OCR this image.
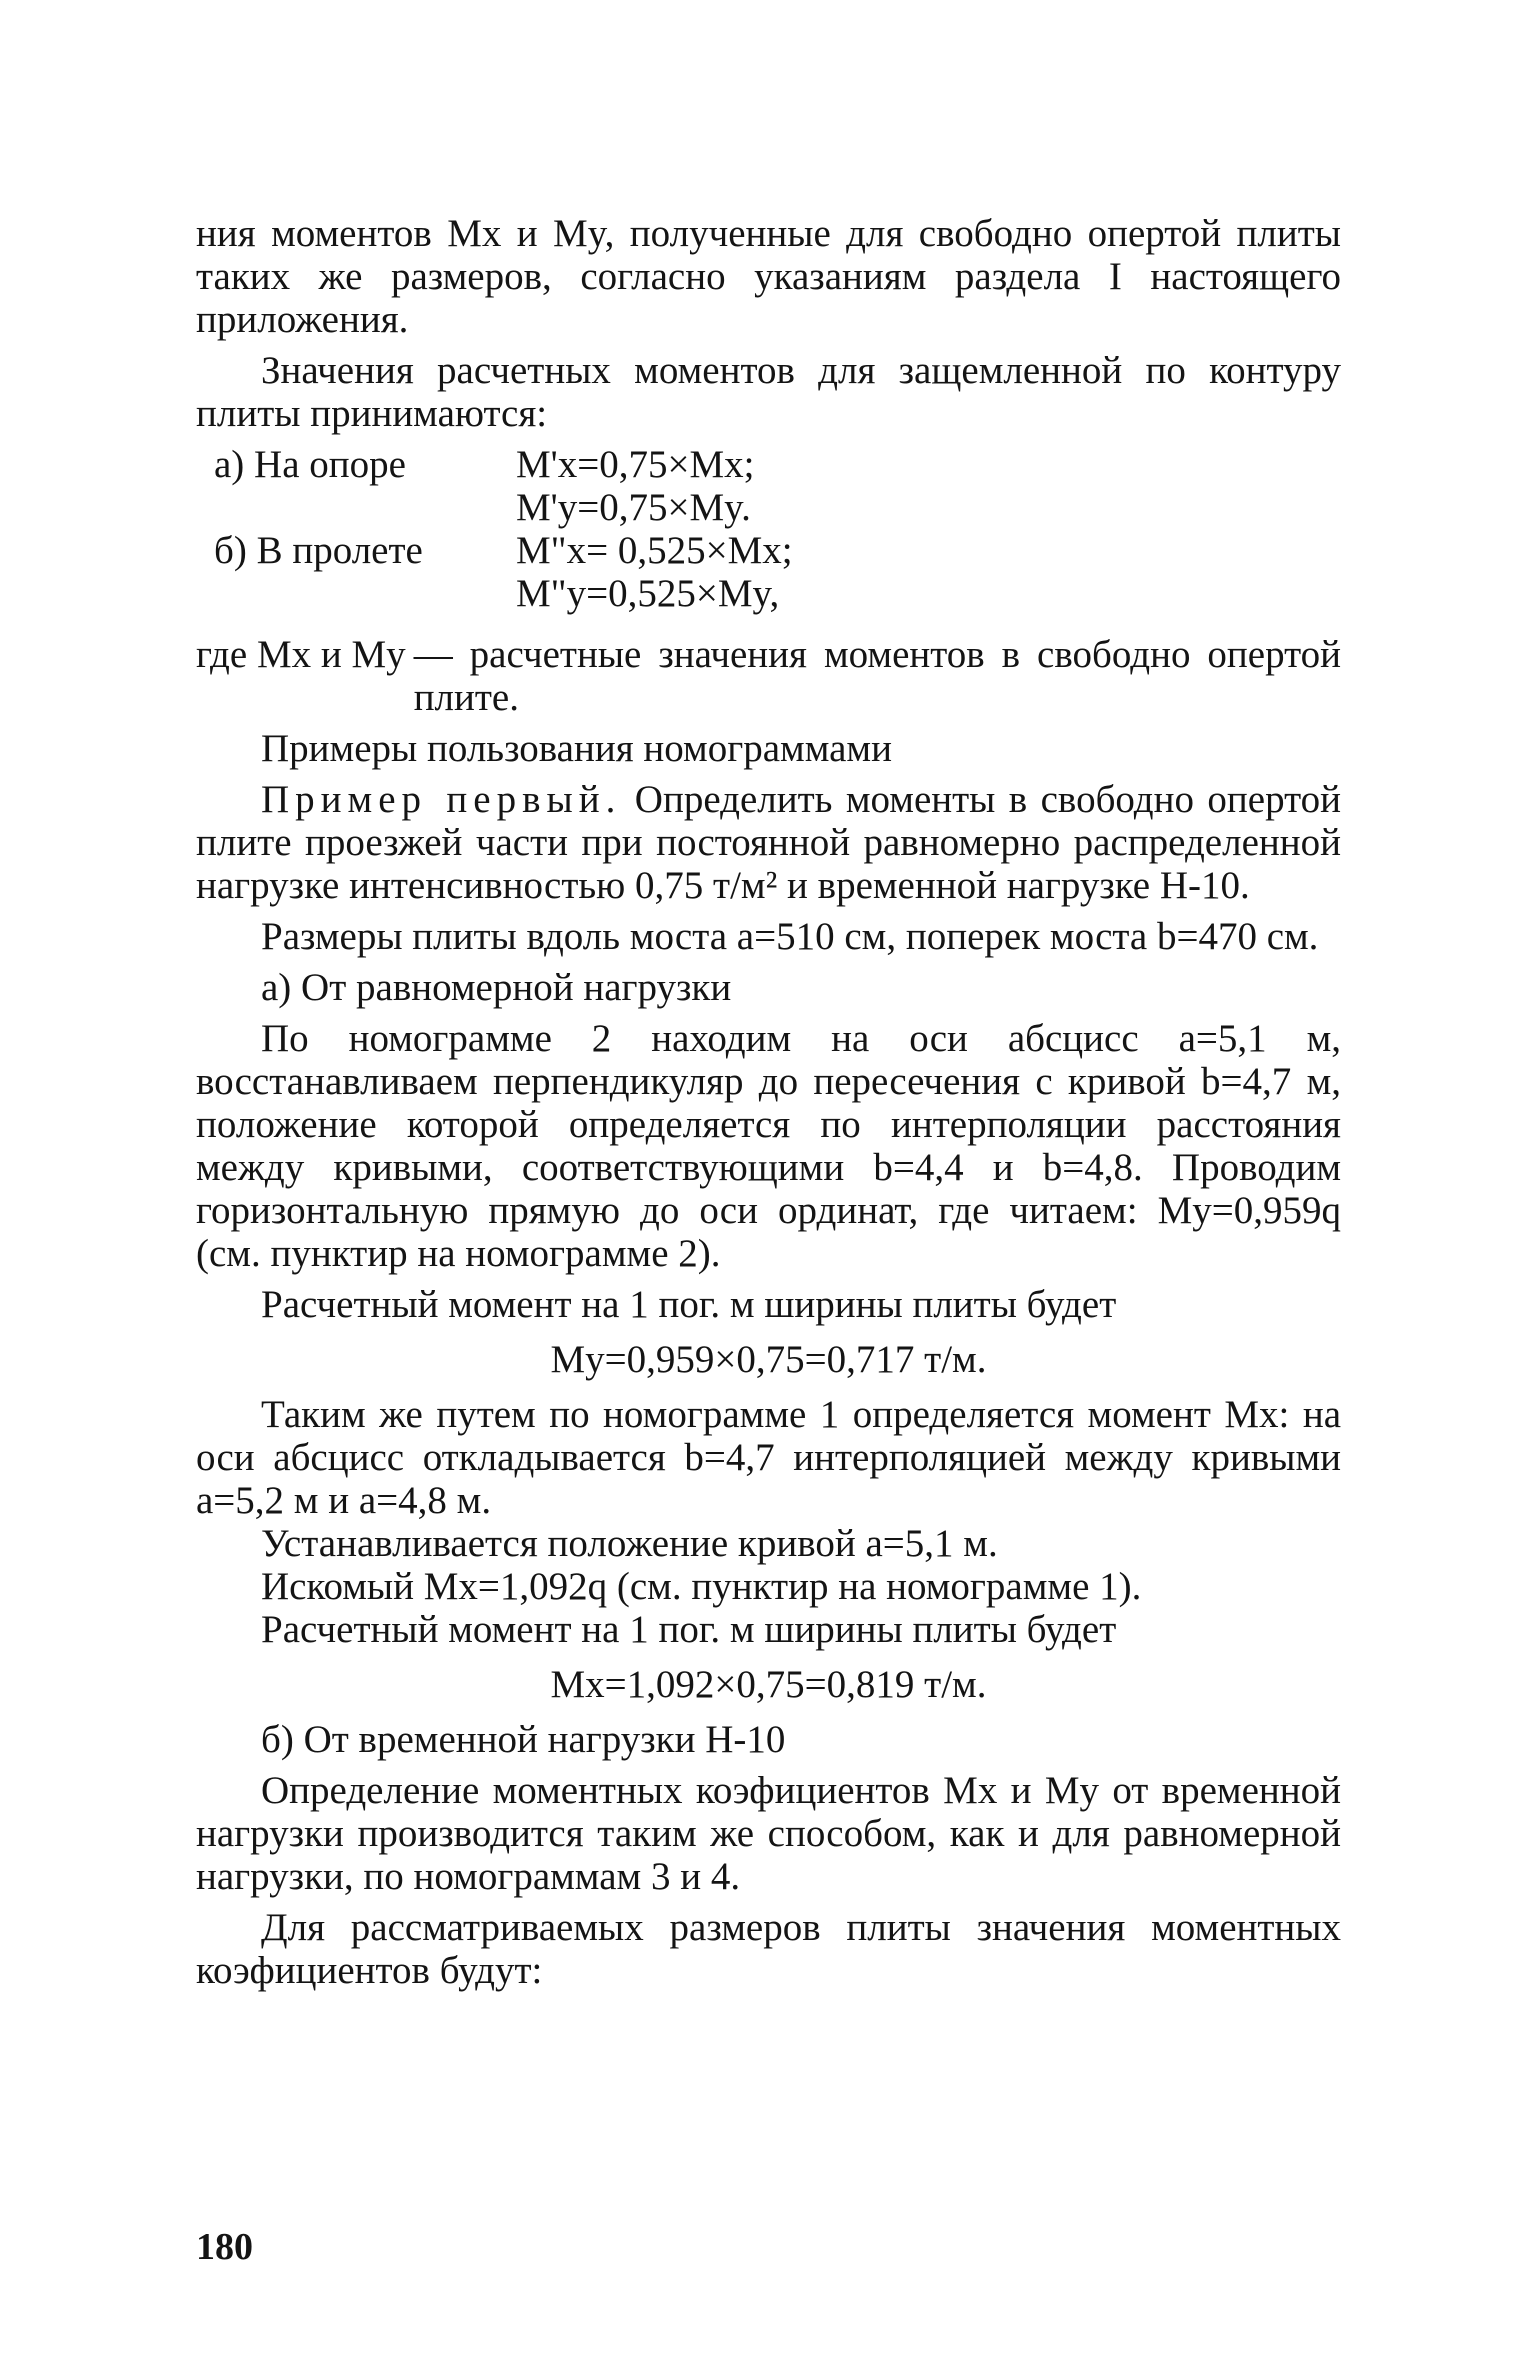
ния моментов Mx и My, полученные для свободно опертой плиты таких же размеров, согласно указаниям раздела I настоящего приложения.

Значения расчетных моментов для защемленной по контуру плиты принимаются:

а) На опоре	M'x=0,75×Mx;
M'y=0,75×My.
б) В пролете M"x= 0,525×Mx;
M"y=0,525×My,
где Mx и My — расчетные значения моментов в свободно опертой плите.

Примеры пользования номограммами

Пример первый. Определить моменты в свободно опертой плите проезжей части при постоянной равномерно распределенной нагрузке интенсивностью 0,75 т/м² и временной нагрузке Н-10.

Размеры плиты вдоль моста a=510 см, поперек моста b=470 см.

а) От равномерной нагрузки

По номограмме 2 находим на оси абсцисс a=5,1 м, восстанавливаем перпендикуляр до пересечения с кривой b=4,7 м, положение которой определяется по интерполяции расстояния между кривыми, соответствующими b=4,4 и b=4,8. Проводим горизонтальную прямую до оси ординат, где читаем: My=0,959q (см. пунктир на номограмме 2).

Расчетный момент на 1 пог. м ширины плиты будет

My=0,959×0,75=0,717 т/м.

Таким же путем по номограмме 1 определяется момент Mx: на оси абсцисс откладывается b=4,7 интерполяцией между кривыми a=5,2 м и a=4,8 м.

Устанавливается положение кривой a=5,1 м.

Искомый Mx=1,092q (см. пунктир на номограмме 1).

Расчетный момент на 1 пог. м ширины плиты будет

Mx=1,092×0,75=0,819 т/м.

б) От временной нагрузки Н-10

Определение моментных коэфициентов Mx и My от временной нагрузки производится таким же способом, как и для равномерной нагрузки, по номограммам 3 и 4.

Для рассматриваемых размеров плиты значения моментных коэфициентов будут:

180
